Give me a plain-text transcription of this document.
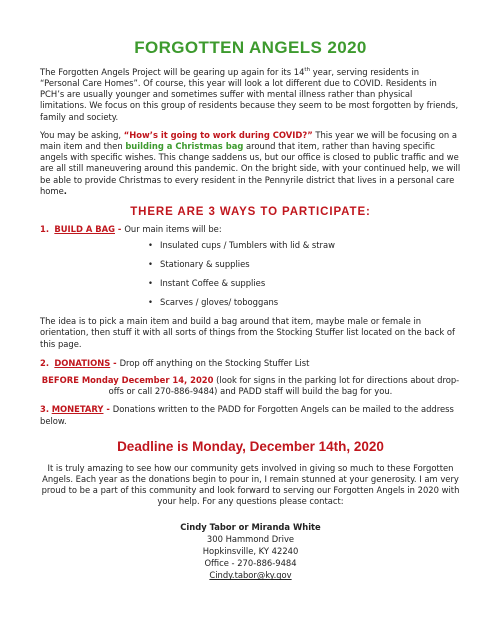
FORGOTTEN ANGELS 2020

The Forgotten Angels Project will be gearing up again for its 14th year, serving residents in “Personal Care Homes”. Of course, this year will look a lot different due to COVID. Residents in PCH’s are usually younger and sometimes suffer with mental illness rather than physical limitations. We focus on this group of residents because they seem to be most forgotten by friends, family and society.

You may be asking, “How’s it going to work during COVID?” This year we will be focusing on a main item and then building a Christmas bag around that item, rather than having specific angels with specific wishes. This change saddens us, but our office is closed to public traffic and we are all still maneuvering around this pandemic. On the bright side, with your continued help, we will be able to provide Christmas to every resident in the Pennyrile district that lives in a personal care home.

THERE ARE 3 WAYS TO PARTICIPATE:
1. BUILD A BAG - Our main items will be:
• Insulated cups / Tumblers with lid & straw
• Stationary & supplies
• Instant Coffee & supplies
• Scarves / gloves/ toboggans

The idea is to pick a main item and build a bag around that item, maybe male or female in orientation, then stuff it with all sorts of things from the Stocking Stuffer list located on the back of this page.

2. DONATIONS - Drop off anything on the Stocking Stuffer List

BEFORE Monday December 14, 2020 (look for signs in the parking lot for directions about drop-offs or call 270-886-9484) and PADD staff will build the bag for you.

3. MONETARY - Donations written to the PADD for Forgotten Angels can be mailed to the address below.
Deadline is Monday, December 14th, 2020

It is truly amazing to see how our community gets involved in giving so much to these Forgotten Angels. Each year as the donations begin to pour in, I remain stunned at your generosity. I am very proud to be a part of this community and look forward to serving our Forgotten Angels in 2020 with your help. For any questions please contact:

Cindy Tabor or Miranda White
300 Hammond Drive
Hopkinsville, KY 42240
Office - 270-886-9484
Cindy.tabor@ky.gov
